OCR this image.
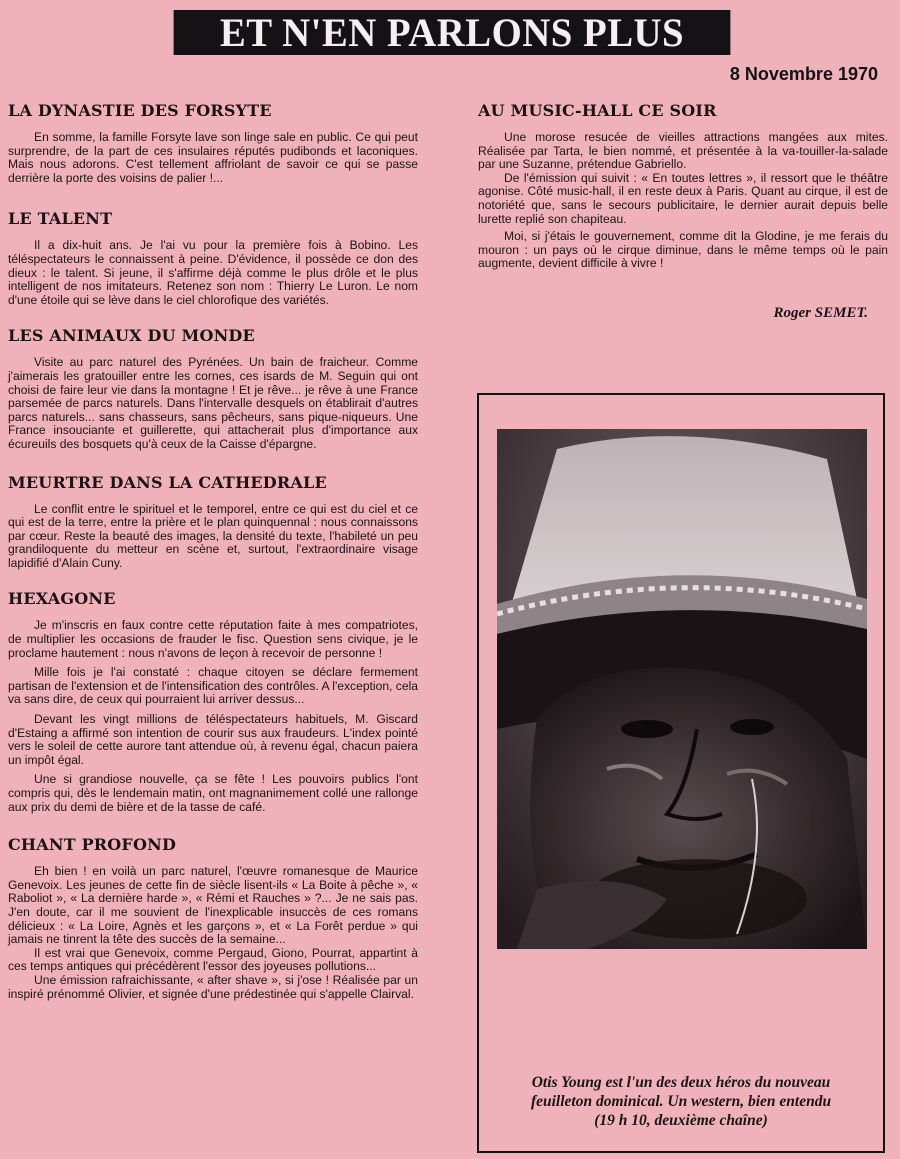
ET N'EN PARLONS PLUS
8 Novembre 1970
LA DYNASTIE DES FORSYTE

En somme, la famille Forsyte lave son linge sale en public. Ce qui peut surprendre, de la part de ces insulaires réputés pudibonds et laconiques. Mais nous adorons. C'est tellement affriolant de savoir ce qui se passe derrière la porte des voisins de palier !...

LE TALENT

Il a dix-huit ans. Je l'ai vu pour la première fois à Bobino. Les téléspectateurs le connaissent à peine. D'évidence, il possède ce don des dieux : le talent. Si jeune, il s'affirme déjà comme le plus drôle et le plus intelligent de nos imitateurs. Retenez son nom : Thierry Le Luron. Le nom d'une étoile qui se lève dans le ciel chlorofique des variétés.

LES ANIMAUX DU MONDE

Visite au parc naturel des Pyrénées. Un bain de fraicheur. Comme j'aimerais les gratouiller entre les cornes, ces isards de M. Seguin qui ont choisi de faire leur vie dans la montagne ! Et je rêve... je rêve à une France parsemée de parcs naturels. Dans l'intervalle desquels on établirait d'autres parcs naturels... sans chasseurs, sans pêcheurs, sans pique-niqueurs. Une France insouciante et guillerette, qui attacherait plus d'importance aux écureuils des bosquets qu'à ceux de la Caisse d'épargne.

MEURTRE DANS LA CATHEDRALE

Le conflit entre le spirituel et le temporel, entre ce qui est du ciel et ce qui est de la terre, entre la prière et le plan quinquennal : nous connaissons par cœur. Reste la beauté des images, la densité du texte, l'habileté un peu grandiloquente du metteur en scène et, surtout, l'extraordinaire visage lapidifié d'Alain Cuny.

HEXAGONE

Je m'inscris en faux contre cette réputation faite à mes compatriotes, de multiplier les occasions de frauder le fisc. Question sens civique, je le proclame hautement : nous n'avons de leçon à recevoir de personne !

Mille fois je l'ai constaté : chaque citoyen se déclare fermement partisan de l'extension et de l'intensification des contrôles. A l'exception, cela va sans dire, de ceux qui pourraient lui arriver dessus...

Devant les vingt millions de téléspectateurs habituels, M. Giscard d'Estaing a affirmé son intention de courir sus aux fraudeurs. L'index pointé vers le soleil de cette aurore tant attendue où, à revenu égal, chacun paiera un impôt égal.

Une si grandiose nouvelle, ça se fête ! Les pouvoirs publics l'ont compris qui, dès le lendemain matin, ont magnanimement collé une rallonge aux prix du demi de bière et de la tasse de café.

CHANT PROFOND

Eh bien ! en voilà un parc naturel, l'œuvre romanesque de Maurice Genevoix. Les jeunes de cette fin de siècle lisent-ils « La Boite à pêche », « Raboliot », « La dernière harde », « Rémi et Rauches » ?... Je ne sais pas. J'en doute, car il me souvient de l'inexplicable insuccès de ces romans délicieux : « La Loire, Agnès et les garçons », et « La Forêt perdue » qui jamais ne tinrent la tête des succès de la semaine...

Il est vrai que Genevoix, comme Pergaud, Giono, Pourrat, appartint à ces temps antiques qui précédèrent l'essor des joyeuses pollutions...

Une émission rafraichissante, « after shave », si j'ose ! Réalisée par un inspiré prénommé Olivier, et signée d'une prédestinée qui s'appelle Clairval.

AU MUSIC-HALL CE SOIR

Une morose resucée de vieilles attractions mangées aux mites. Réalisée par Tarta, le bien nommé, et présentée à la va-touiller-la-salade par une Suzanne, prétendue Gabriello.

De l'émission qui suivit : « En toutes lettres », il ressort que le théâtre agonise. Côté music-hall, il en reste deux à Paris. Quant au cirque, il est de notoriété que, sans le secours publicitaire, le dernier aurait depuis belle lurette replié son chapiteau.

Moi, si j'étais le gouvernement, comme dit la Glodine, je me ferais du mouron : un pays où le cirque diminue, dans le même temps où le pain augmente, devient difficile à vivre !

Roger SEMET.
Otis Young est l'un des deux héros du nouveau
feuilleton dominical. Un western, bien entendu
(19 h 10, deuxième chaîne)
